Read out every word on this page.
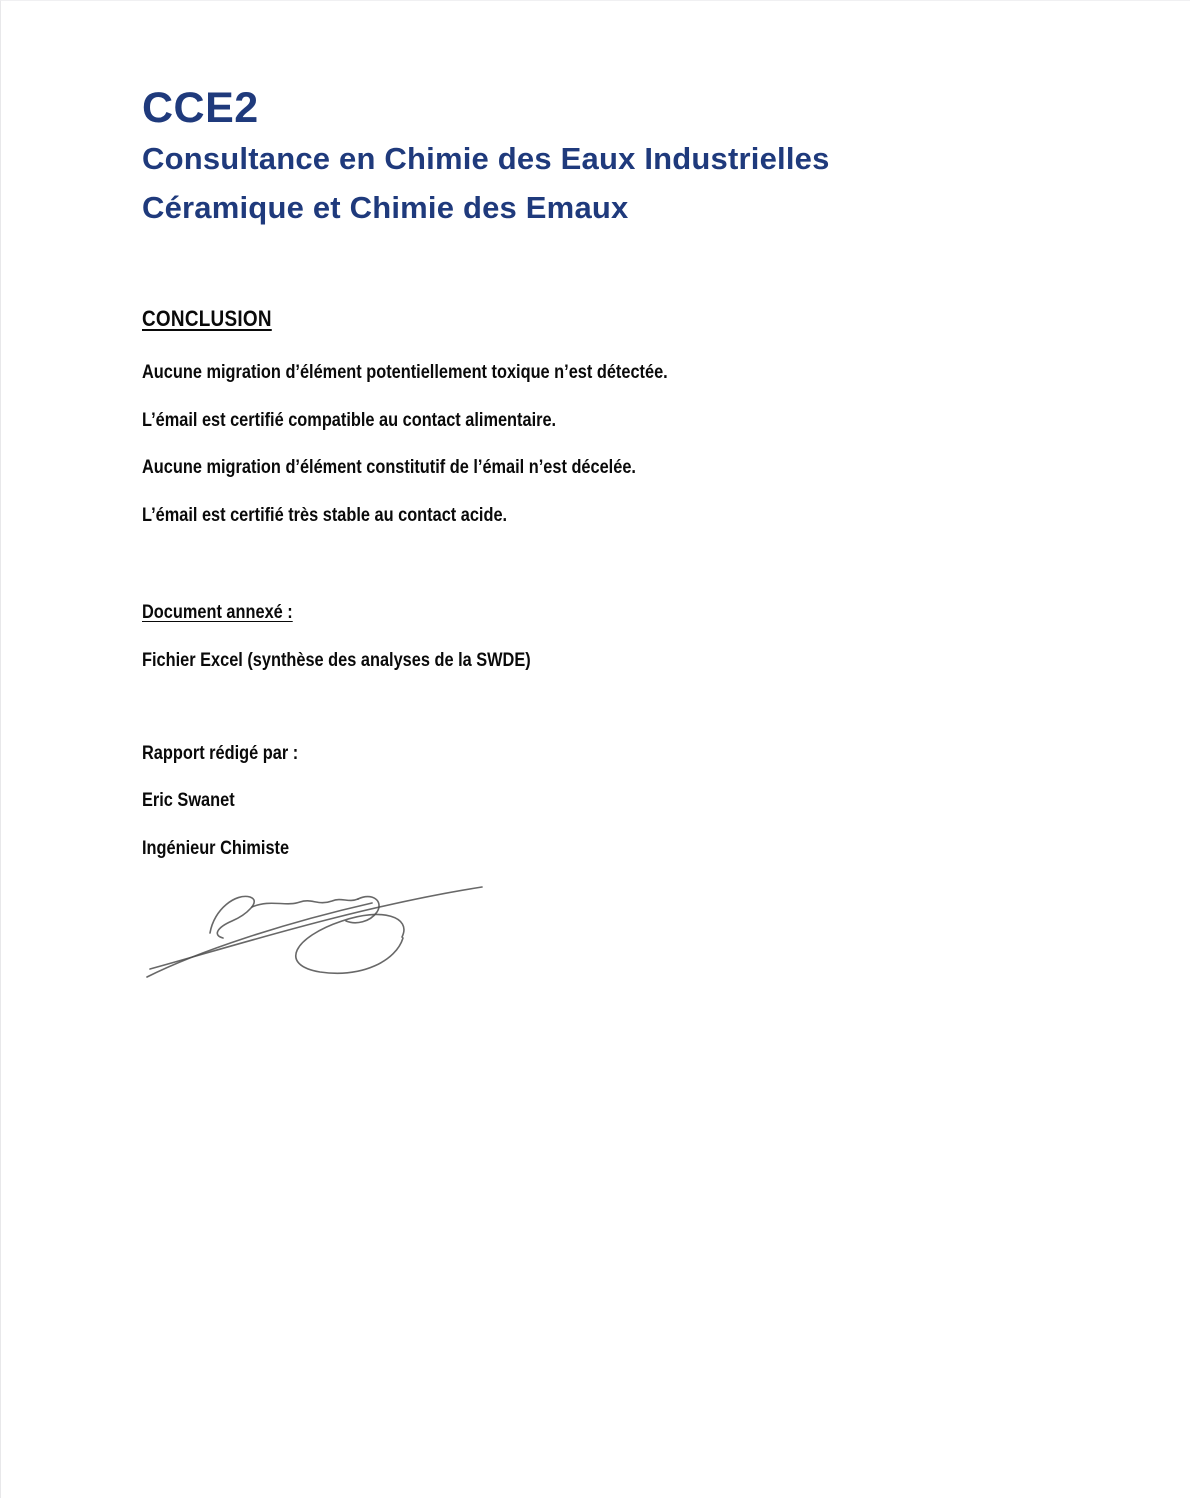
CCE2
Consultance en Chimie des Eaux Industrielles
Céramique et Chimie des Emaux
CONCLUSION

Aucune migration d’élément potentiellement toxique n’est détectée.

L’émail est certifié compatible au contact alimentaire.

Aucune migration d’élément constitutif de l’émail n’est décelée.

L’émail est certifié très stable au contact acide.

Document annexé :

Fichier Excel (synthèse des analyses de la SWDE)

Rapport rédigé par :

Eric Swanet

Ingénieur Chimiste
